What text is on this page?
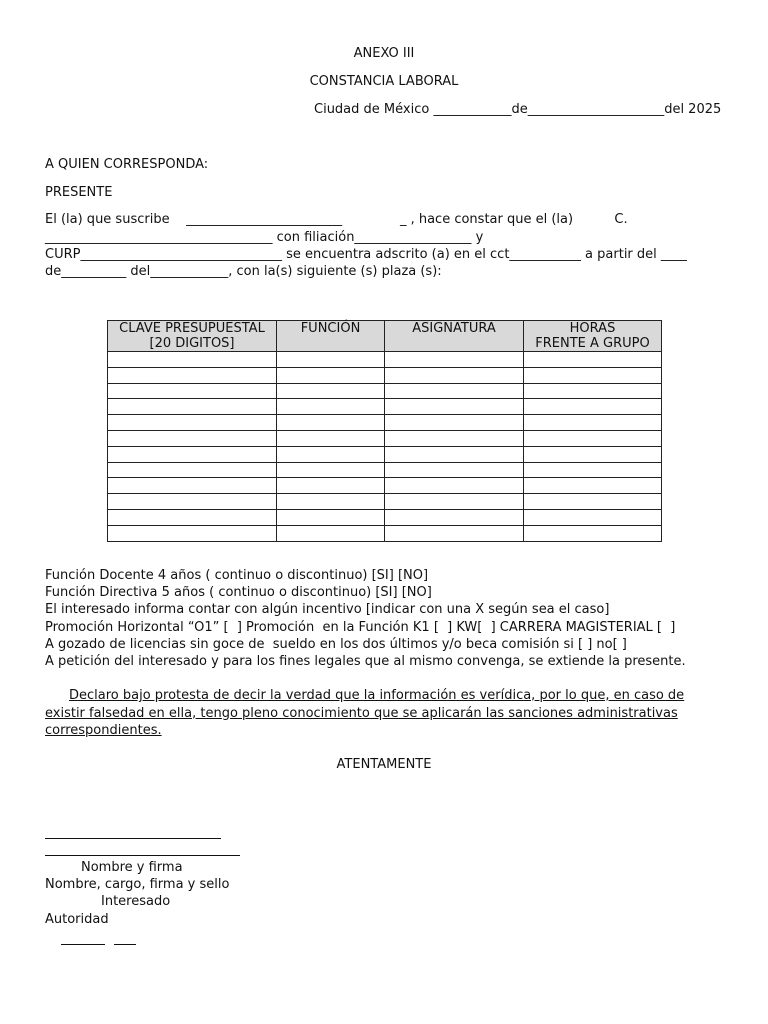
ANEXO III
CONSTANCIA LABORAL
Ciudad de México ____________de_____________________del 2025
A QUIEN CORRESPONDA:
PRESENTE
El (la) que suscribe    ________________________              _ , hace constar que el (la)          C.
___________________________________ con filiación__________________ y
CURP_______________________________ se encuentra adscrito (a) en el cct___________ a partir del ____
de__________ del____________, con la(s) siguiente (s) plaza (s):
CLAVE PRESUPUESTAL
[20 DIGITOS]	FUNCIÓN	ASIGNATURA	HORAS
FRENTE A GRUPO

Función Docente 4 años ( continuo o discontinuo) [SI] [NO]
Función Directiva 5 años ( continuo o discontinuo) [SI] [NO]
El interesado informa contar con algún incentivo [indicar con una X según sea el caso]
Promoción Horizontal “O1” [  ] Promoción  en la Función K1 [  ] KW[  ] CARRERA MAGISTERIAL [  ]
A gozado de licencias sin goce de  sueldo en los dos últimos y/o beca comisión si [ ] no[ ]
A petición del interesado y para los fines legales que al mismo convenga, se extiende la presente.
Declaro bajo protesta de decir la verdad que la información es verídica, por lo que, en caso de existir falsedad en ella, tengo pleno conocimiento que se aplicarán las sanciones administrativas correspondientes.
ATENTAMENTE
Nombre y firma
Nombre, cargo, firma y sello
Interesado
Autoridad
